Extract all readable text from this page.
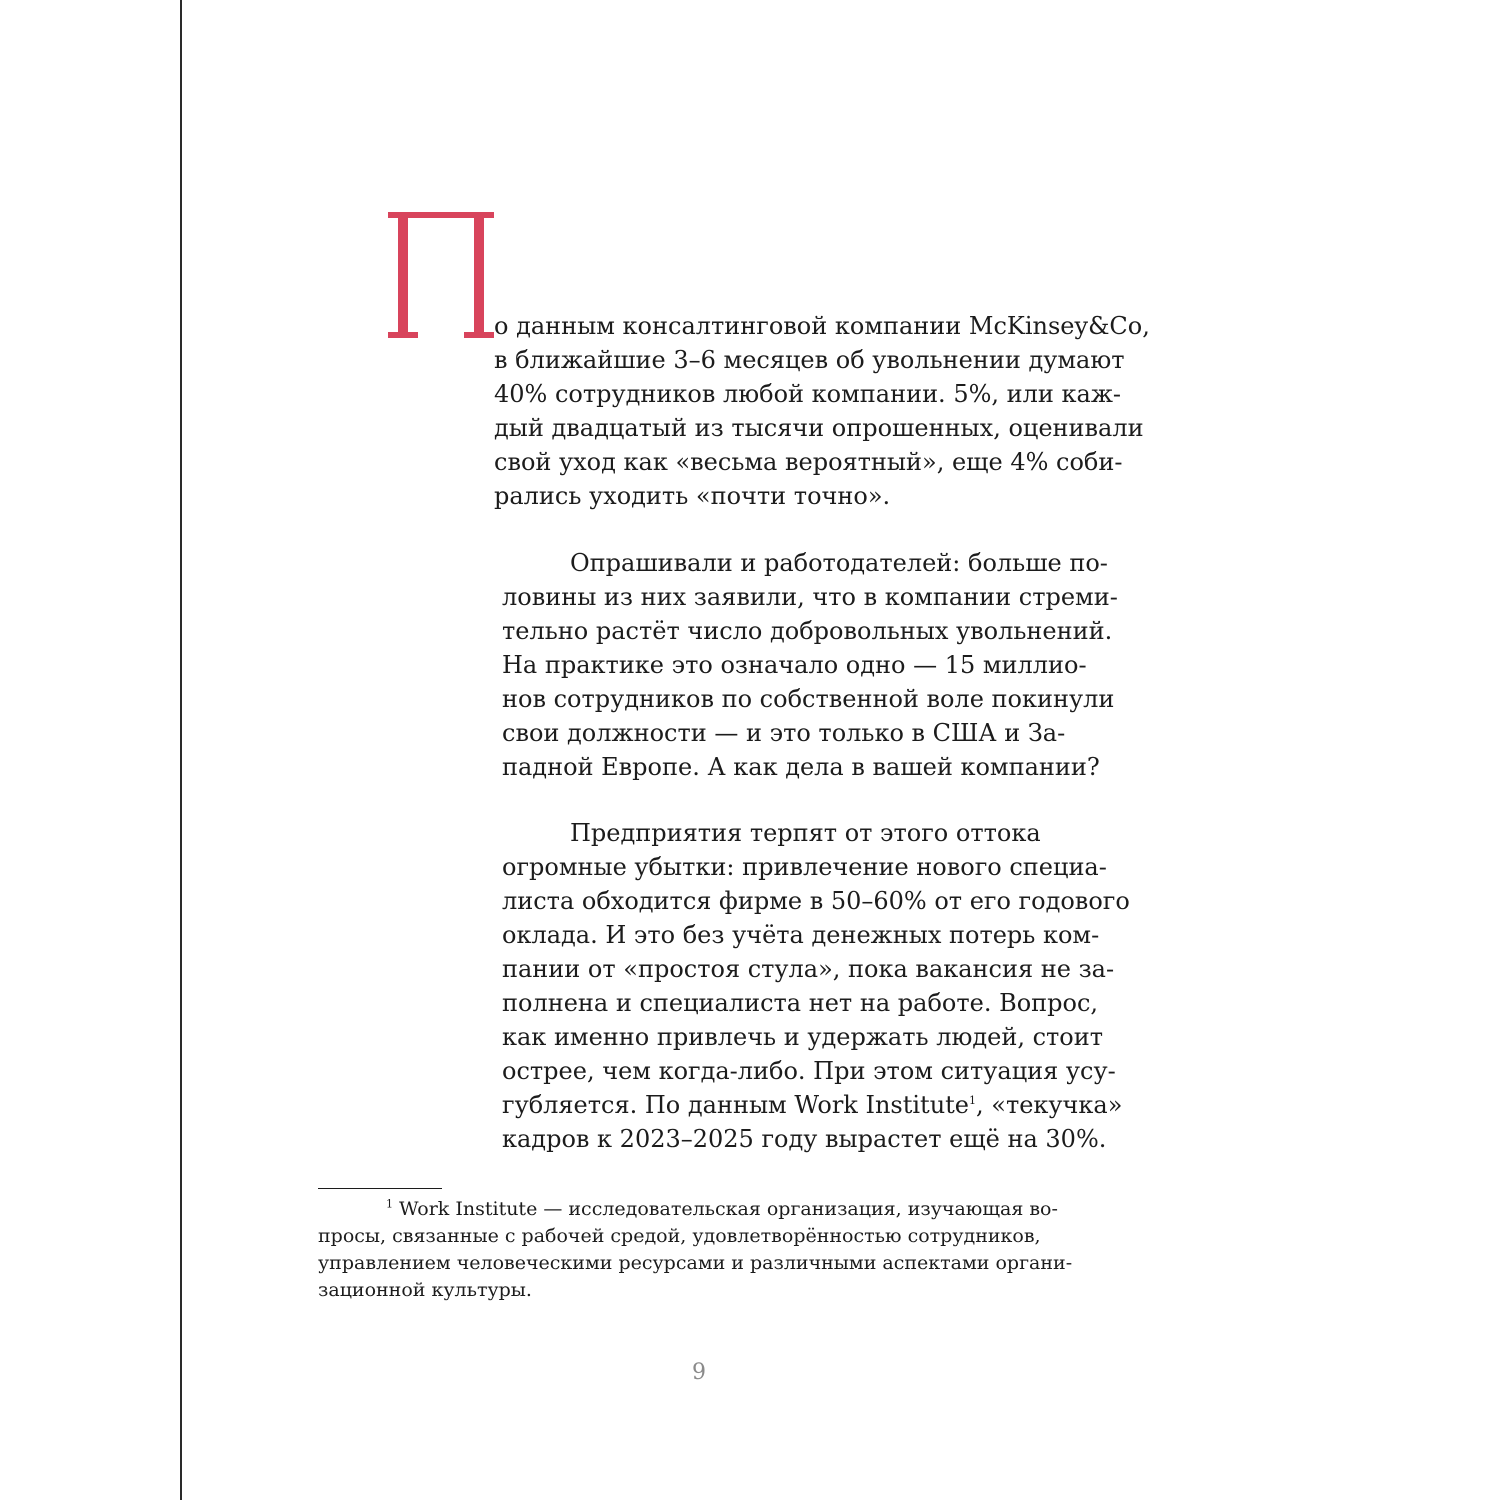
о данным консалтинговой компании McKinsey&Co,
в ближайшие 3–6 месяцев об увольнении думают
40% сотрудников любой компании. 5%, или каж-
дый двадцатый из тысячи опрошенных, оценивали
свой уход как «весьма вероятный», еще 4% соби-
рались уходить «почти точно».
Опрашивали и работодателей: больше по-
ловины из них заявили, что в компании стреми-
тельно растёт число добровольных увольнений.
На практике это означало одно — 15 миллио-
нов сотрудников по собственной воле покинули
свои должности — и это только в США и За-
падной Европе. А как дела в вашей компании?
Предприятия терпят от этого оттока
огромные убытки: привлечение нового специа-
листа обходится фирме в 50–60% от его годового
оклада. И это без учёта денежных потерь ком-
пании от «простоя стула», пока вакансия не за-
полнена и специалиста нет на работе. Вопрос,
как именно привлечь и удержать людей, стоит
острее, чем когда-либо. При этом ситуация усу-
губляется. По данным Work Institute$^1$, «текучка»
кадров к 2023–2025 году вырастет ещё на 30%.
$^1$ Work Institute — исследовательская организация, изучающая во-
просы, связанные с рабочей средой, удовлетворённостью сотрудников,
управлением человеческими ресурсами и различными аспектами органи-
зационной культуры.
9
